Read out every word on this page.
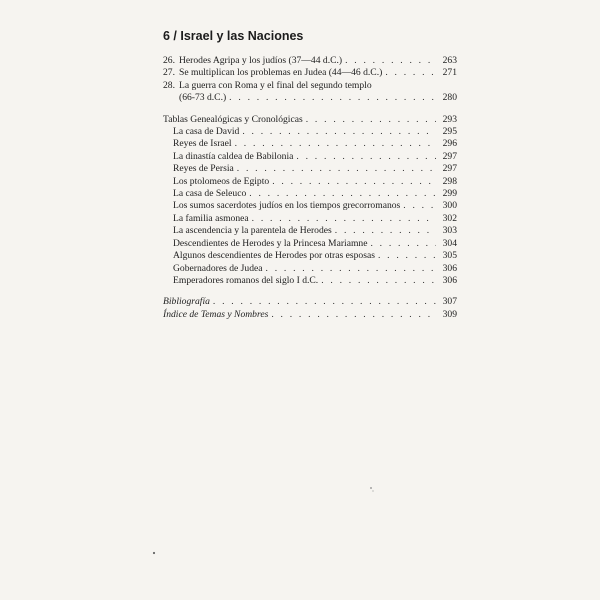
6 / Israel y las Naciones
26. Herodes Agripa y los judíos (37—44 d.C.) . . .	263
27. Se multiplican los problemas en Judea (44—46 d.C.) . . .	271
28. La guerra con Roma y el final del segundo templo
(66-73 d.C.) . . .	280
Tablas Genealógicas y Cronológicas . . .	293
La casa de David . . .	295
Reyes de Israel . . .	296
La dinastía caldea de Babilonia . . .	297
Reyes de Persia . . .	297
Los ptolomeos de Egipto . . .	298
La casa de Seleuco . . .	299
Los sumos sacerdotes judíos en los tiempos grecorromanos . . .	300
La familia asmonea . . .	302
La ascendencia y la parentela de Herodes . . .	303
Descendientes de Herodes y la Princesa Mariamne . . .	304
Algunos descendientes de Herodes por otras esposas . . .	305
Gobernadores de Judea . . .	306
Emperadores romanos del siglo I d.C. . . .	306
Bibliografía . . .	307
Índice de Temas y Nombres . . .	309
